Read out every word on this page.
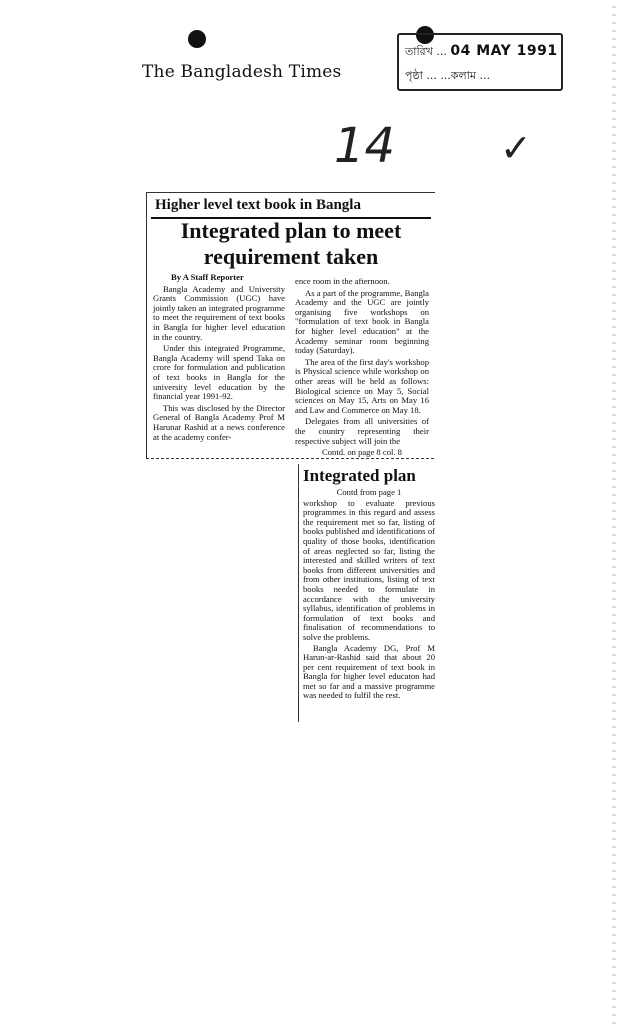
The Bangladesh Times
তারিখ ... 04 MAY 1991
পৃষ্ঠা ... ...কলাম ...
14	✓
Higher level text book in Bangla
Integrated plan to meet
requirement taken

By A Staff Reporter

Bangla Academy and University Grants Commission (UGC) have jointly taken an integrated programme to meet the requirement of text books in Bangla for higher level education in the country.

Under this integrated Programme, Bangla Academy will spend Taka on crore for formulation and publication of text books in Bangla for the university level education by the financial year 1991-92.

This was disclosed by the Director General of Bangla Academy Prof M Harunar Rashid at a news conference at the academy confer-

ence room in the afternoon.

As a part of the programme, Bangla Academy and the UGC are jointly organising five workshops on "formulation of text book in Bangla for higher level education" at the Academy seminar room beginning today (Saturday).

The area of the first day's workshop is Physical science while workshop on other areas will be held as follows: Biological science on May 5, Social sciences on May 15, Arts on May 16 and Law and Commerce on May 18.

Delegates from all universities of the country representing their respective subject will join the

Contd. on page 8 col. 8

Integrated plan

Contd from page 1

workshop to evaluate previous programmes in this regard and assess the requirement met so far, listing of books published and identifications of quality of those books, identification of areas neglected so far, listing the interested and skilled writers of text books from different universities and from other institutions, listing of text books needed to formulate in accordance with the university syllabus, identification of problems in formulation of text books and finalisation of recommendations to solve the problems.

Bangla Academy DG, Prof M Harun-ar-Rashid said that about 20 per cent requirement of text book in Bangla for higher level educaton had met so far and a massive programme was needed to fulfil the rest.
